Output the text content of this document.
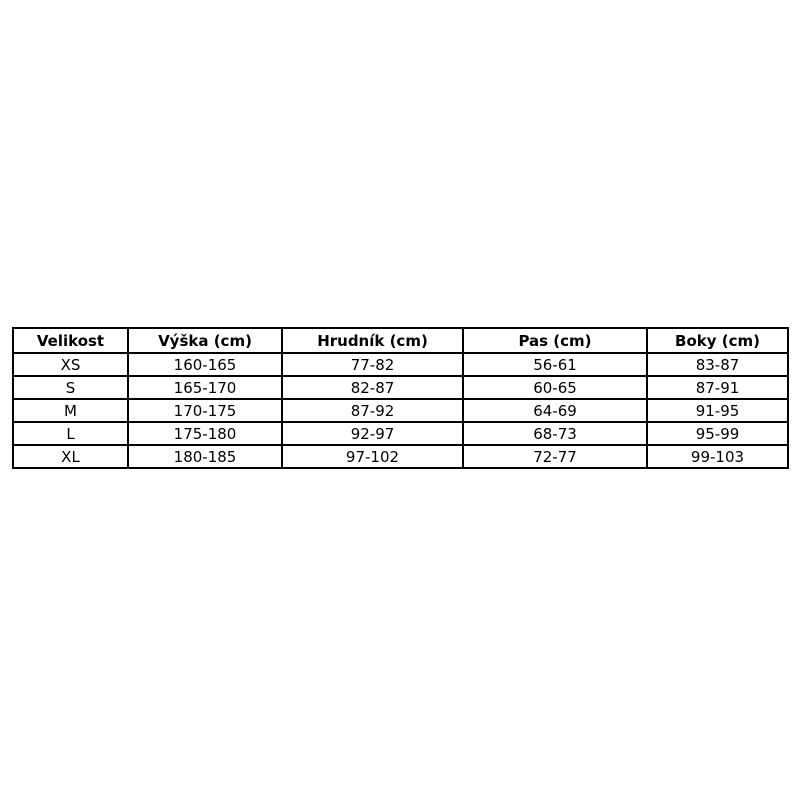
Velikost	Výška (cm)	Hrudník (cm)	Pas (cm)	Boky (cm)
XS	160-165	77-82	56-61	83-87
S	165-170	82-87	60-65	87-91
M	170-175	87-92	64-69	91-95
L	175-180	92-97	68-73	95-99
XL	180-185	97-102	72-77	99-103
